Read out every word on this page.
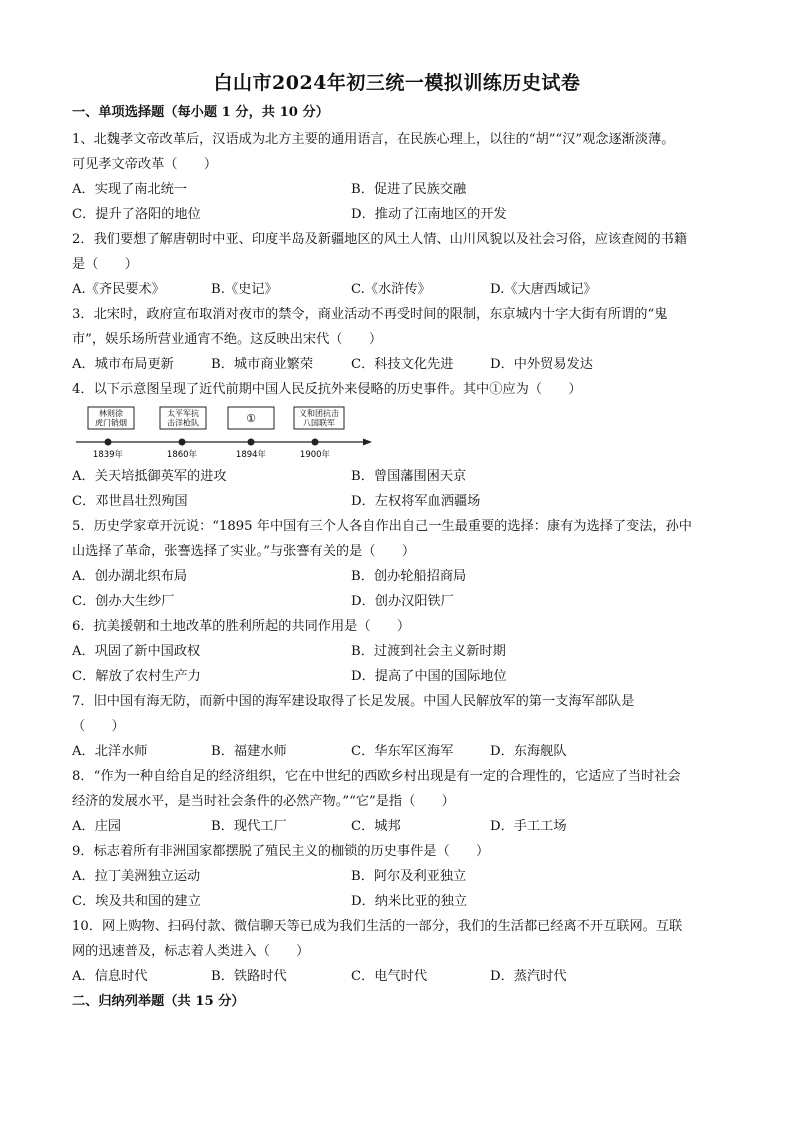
白山市2024年初三统一模拟训练历史试卷
一、单项选择题（每小题 1 分，共 10 分）
1、北魏孝文帝改革后，汉语成为北方主要的通用语言，在民族心理上，以往的“胡”“汉”观念逐渐淡薄。
可见孝文帝改革（　　）
A．实现了南北统一	B．促进了民族交融
C．提升了洛阳的地位	D．推动了江南地区的开发
2．我们要想了解唐朝时中亚、印度半岛及新疆地区的风土人情、山川风貌以及社会习俗，应该查阅的书籍
是（　　）
A.《齐民要术》	B.《史记》	C.《水浒传》	D.《大唐西域记》
3．北宋时，政府宣布取消对夜市的禁令，商业活动不再受时间的限制，东京城内十字大街有所谓的“鬼
市”，娱乐场所营业通宵不绝。这反映出宋代（　　）
A．城市布局更新	B．城市商业繁荣	C．科技文化先进	D．中外贸易发达
4．以下示意图呈现了近代前期中国人民反抗外来侵略的历史事件。其中①应为（　　）
林则徐
虎门销烟
太平军抗
击洋枪队	①	义和团抗击
八国联军
1839年	1860年	1894年	1900年
A．关天培抵御英军的进攻	B．曾国藩围困天京
C．邓世昌壮烈殉国	D．左权将军血洒疆场
5．历史学家章开沅说：“1895 年中国有三个人各自作出自己一生最重要的选择：康有为选择了变法，孙中
山选择了革命，张謇选择了实业。”与张謇有关的是（　　）
A．创办湖北织布局	B．创办轮船招商局
C．创办大生纱厂	D．创办汉阳铁厂
6．抗美援朝和土地改革的胜利所起的共同作用是（　　）
A．巩固了新中国政权	B．过渡到社会主义新时期
C．解放了农村生产力	D．提高了中国的国际地位
7．旧中国有海无防，而新中国的海军建设取得了长足发展。中国人民解放军的第一支海军部队是
（　　）
A．北洋水师	B．福建水师	C．华东军区海军	D．东海舰队
8．“作为一种自给自足的经济组织，它在中世纪的西欧乡村出现是有一定的合理性的，它适应了当时社会
经济的发展水平，是当时社会条件的必然产物。”“它”是指（　　）
A．庄园	B．现代工厂	C．城邦	D．手工工场
9．标志着所有非洲国家都摆脱了殖民主义的枷锁的历史事件是（　　）
A．拉丁美洲独立运动	B．阿尔及利亚独立
C．埃及共和国的建立	D．纳米比亚的独立
10．网上购物、扫码付款、微信聊天等已成为我们生活的一部分，我们的生活都已经离不开互联网。互联
网的迅速普及，标志着人类进入（　　）
A．信息时代	B．铁路时代	C．电气时代	D．蒸汽时代
二、归纳列举题（共 15 分）
